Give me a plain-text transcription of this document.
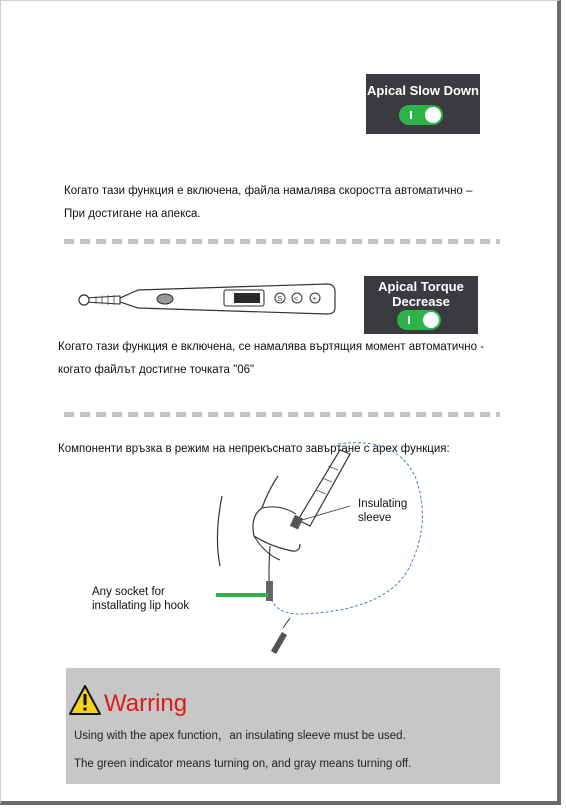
Apical Slow Down
Когато тази функция е включена, файла намалява скоростта автоматично –
При достигане на апекса.
S < +
Apical Torque
Decrease
Когато тази функция е включена, се намалява въртящия момент автоматично -
когато файлът достигне точката "06"
Компоненти връзка в режим на непрекъснато завъртане с apex функция:
Insulating
sleeve
Any socket for
installating lip hook
Warring
Using with the apex function，an insulating sleeve must be used.
The green indicator means turning on, and gray means turning off.
